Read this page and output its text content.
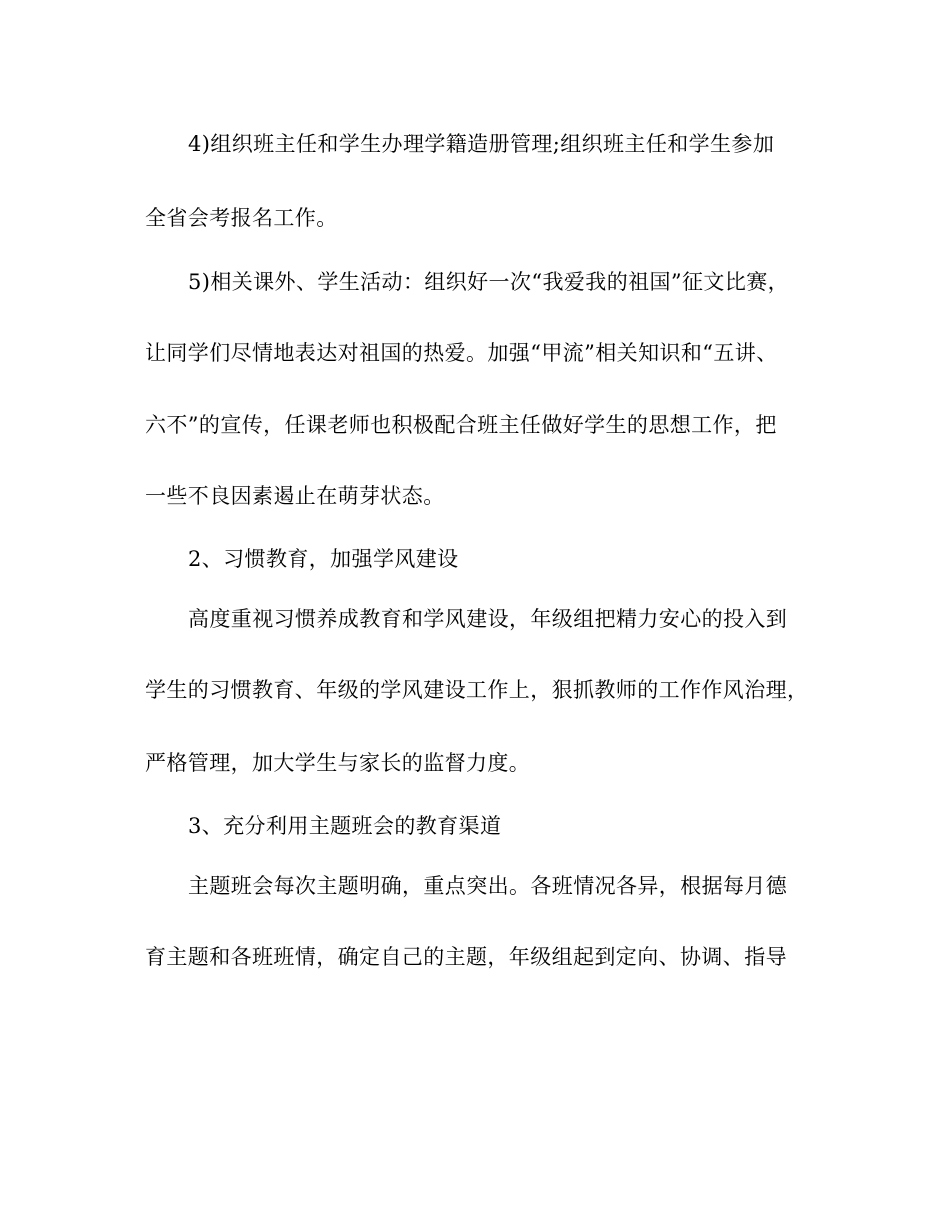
4)组织班主任和学生办理学籍造册管理;组织班主任和学生参加
全省会考报名工作。
5)相关课外、学生活动：组织好一次“我爱我的祖国”征文比赛，
让同学们尽情地表达对祖国的热爱。加强“甲流”相关知识和“五讲、
六不”的宣传，任课老师也积极配合班主任做好学生的思想工作，把
一些不良因素遏止在萌芽状态。
2、习惯教育，加强学风建设
高度重视习惯养成教育和学风建设，年级组把精力安心的投入到
学生的习惯教育、年级的学风建设工作上，狠抓教师的工作作风治理，
严格管理，加大学生与家长的监督力度。
3、充分利用主题班会的教育渠道
主题班会每次主题明确，重点突出。各班情况各异，根据每月德
育主题和各班班情，确定自己的主题，年级组起到定向、协调、指导
